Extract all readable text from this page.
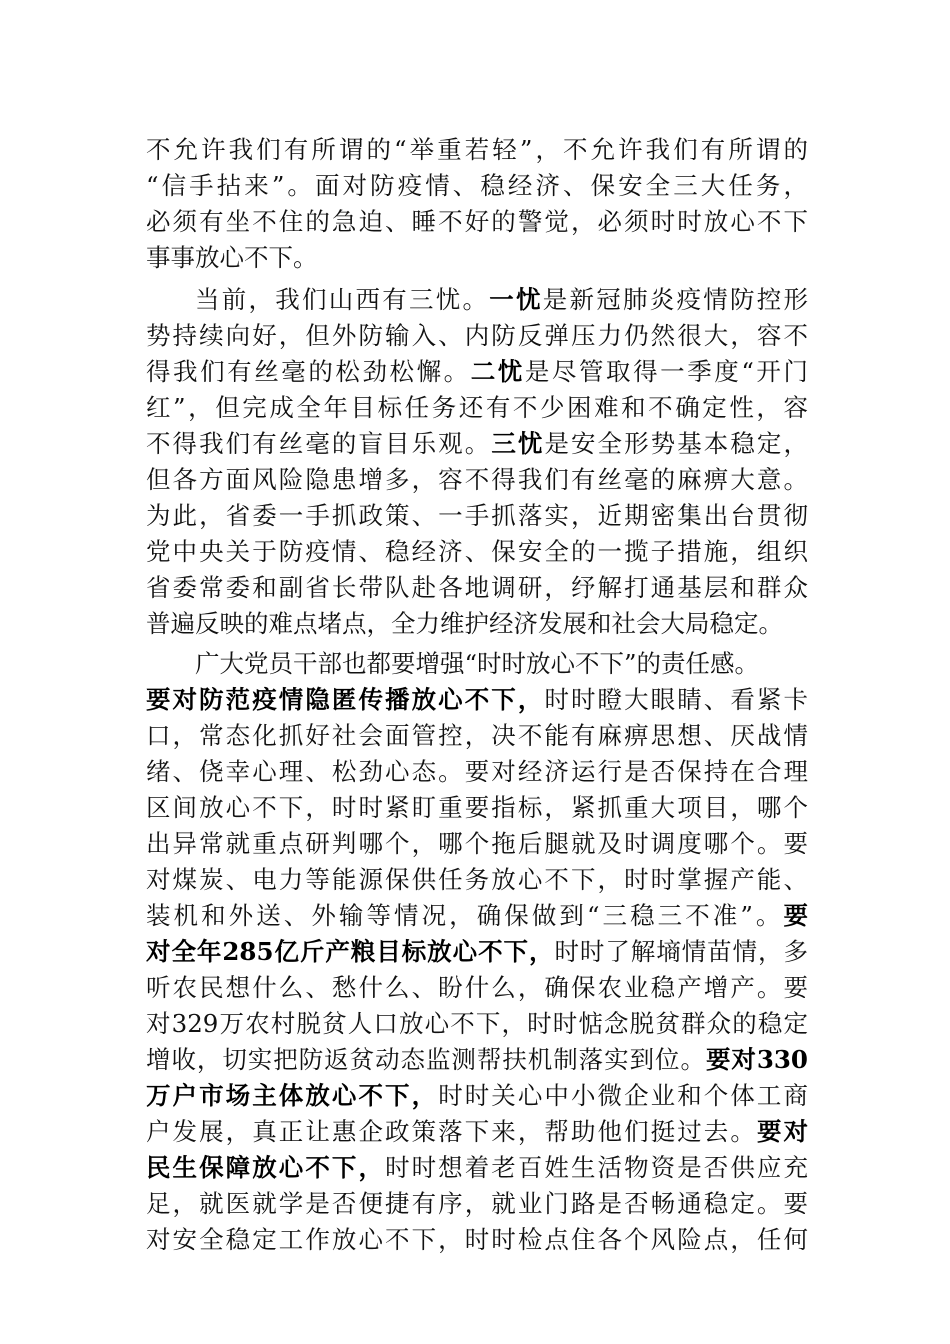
不允许我们有所谓的“举重若轻”，不允许我们有所谓的
“信手拈来”。面对防疫情、稳经济、保安全三大任务，
必须有坐不住的急迫、睡不好的警觉，必须时时放心不下
事事放心不下。
当前，我们山西有三忧。一忧是新冠肺炎疫情防控形
势持续向好，但外防输入、内防反弹压力仍然很大，容不
得我们有丝毫的松劲松懈。二忧是尽管取得一季度“开门
红”，但完成全年目标任务还有不少困难和不确定性，容
不得我们有丝毫的盲目乐观。三忧是安全形势基本稳定，
但各方面风险隐患增多，容不得我们有丝毫的麻痹大意。
为此，省委一手抓政策、一手抓落实，近期密集出台贯彻
党中央关于防疫情、稳经济、保安全的一揽子措施，组织
省委常委和副省长带队赴各地调研，纾解打通基层和群众
普遍反映的难点堵点，全力维护经济发展和社会大局稳定。
广大党员干部也都要增强“时时放心不下”的责任感。
要对防范疫情隐匿传播放心不下，时时瞪大眼睛、看紧卡
口，常态化抓好社会面管控，决不能有麻痹思想、厌战情
绪、侥幸心理、松劲心态。要对经济运行是否保持在合理
区间放心不下，时时紧盯重要指标，紧抓重大项目，哪个
出异常就重点研判哪个，哪个拖后腿就及时调度哪个。要
对煤炭、电力等能源保供任务放心不下，时时掌握产能、
装机和外送、外输等情况，确保做到“三稳三不准”。要
对全年285亿斤产粮目标放心不下，时时了解墒情苗情，多
听农民想什么、愁什么、盼什么，确保农业稳产增产。要
对329万农村脱贫人口放心不下，时时惦念脱贫群众的稳定
增收，切实把防返贫动态监测帮扶机制落实到位。要对330
万户市场主体放心不下，时时关心中小微企业和个体工商
户发展，真正让惠企政策落下来，帮助他们挺过去。要对
民生保障放心不下，时时想着老百姓生活物资是否供应充
足，就医就学是否便捷有序，就业门路是否畅通稳定。要
对安全稳定工作放心不下，时时检点住各个风险点，任何
